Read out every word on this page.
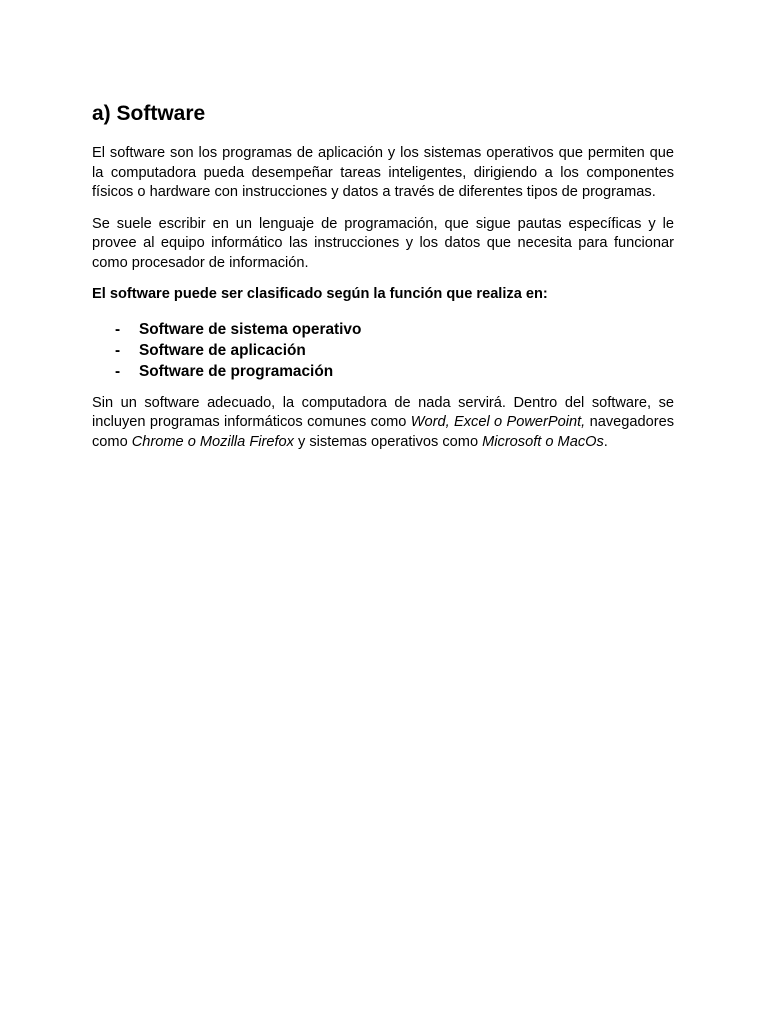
a) Software

El software son los programas de aplicación y los sistemas operativos que permiten que la computadora pueda desempeñar tareas inteligentes, dirigiendo a los componentes físicos o hardware con instrucciones y datos a través de diferentes tipos de programas.

Se suele escribir en un lenguaje de programación, que sigue pautas específicas y le provee al equipo informático las instrucciones y los datos que necesita para funcionar como procesador de información.

El software puede ser clasificado según la función que realiza en:

- Software de sistema operativo
- Software de aplicación
- Software de programación

Sin un software adecuado, la computadora de nada servirá. Dentro del software, se incluyen programas informáticos comunes como Word, Excel o PowerPoint, navegadores como Chrome o Mozilla Firefox y sistemas operativos como Microsoft o MacOs.
